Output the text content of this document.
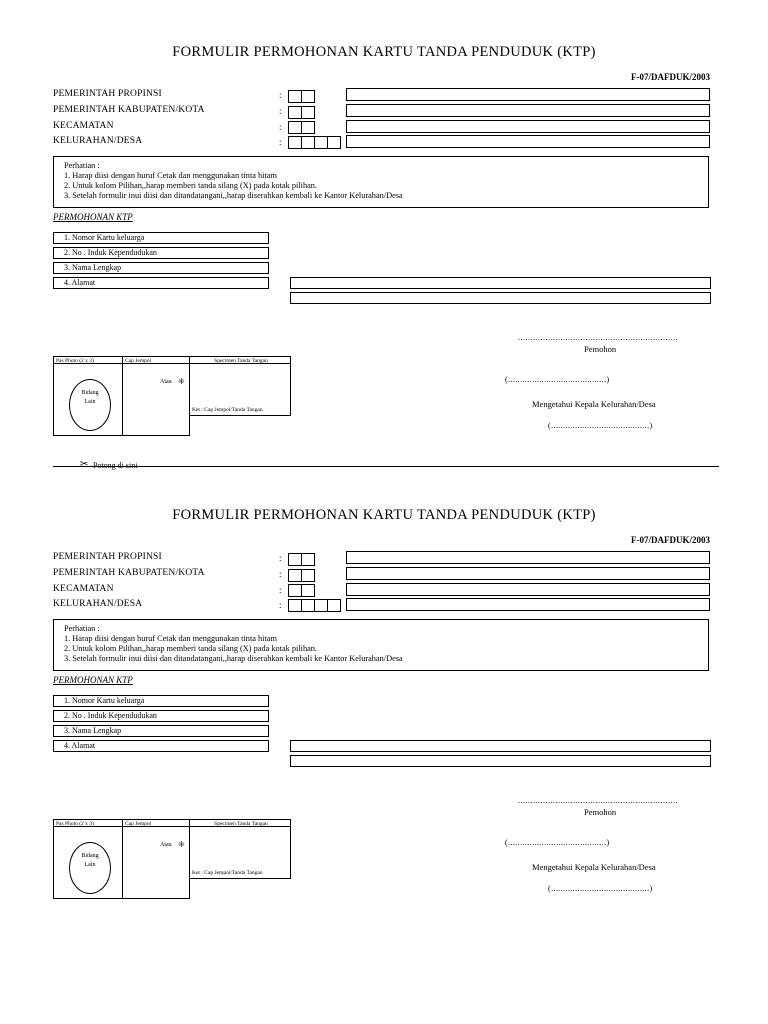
FORMULIR PERMOHONAN KARTU TANDA PENDUDUK (KTP)
F-07/DAFDUK/2003
PEMERINTAH PROPINSI	:
PEMERINTAH KABUPATEN/KOTA	:
KECAMATAN	:
KELURAHAN/DESA	:
Perhatian :
1. Harap diisi dengan huruf Cetak dan menggunakan tinta hitam
2. Untuk kolom Pilihan,,harap memberi tanda silang (X) pada kotak pilihan.
3. Setelah formulir inui diisi dan ditandatangani,,harap diserahkan kembali ke Kantor Kelurahan/Desa
PERMOHONAN KTP
1. Nomor Kartu keluarga
2. No . Induk Kependudukan
3. Nama Lengkap
4. Alamat
................................................................
Pemohon
(.........................................)
Mengetahui Kepala Kelurahan/Desa
(.........................................)
Pas Photo (2 x 3)	Cap Jempol	Specimen Tanda Tangan
Bidang
Lain
Atau ⁜
Ket : Cap Jempol/Tanda Tangan
✂ Potong di sini
FORMULIR PERMOHONAN KARTU TANDA PENDUDUK (KTP)
F-07/DAFDUK/2003
PEMERINTAH PROPINSI	:
PEMERINTAH KABUPATEN/KOTA	:
KECAMATAN	:
KELURAHAN/DESA	:
Perhatian :
1. Harap diisi dengan huruf Cetak dan menggunakan tinta hitam
2. Untuk kolom Pilihan,,harap memberi tanda silang (X) pada kotak pilihan.
3. Setelah formulir inui diisi dan ditandatangani,,harap diserahkan kembali ke Kantor Kelurahan/Desa
PERMOHONAN KTP
1. Nomor Kartu keluarga
2. No . Induk Kependudukan
3. Nama Lengkap
4. Alamat
................................................................
Pemohon
(.........................................)
Mengetahui Kepala Kelurahan/Desa
(.........................................)
Pas Photo (2 x 3)	Cap Jempol	Specimen Tanda Tangan
Bidang
Lain
Atau ⁜
Ket : Cap Jempol/Tanda Tangan
